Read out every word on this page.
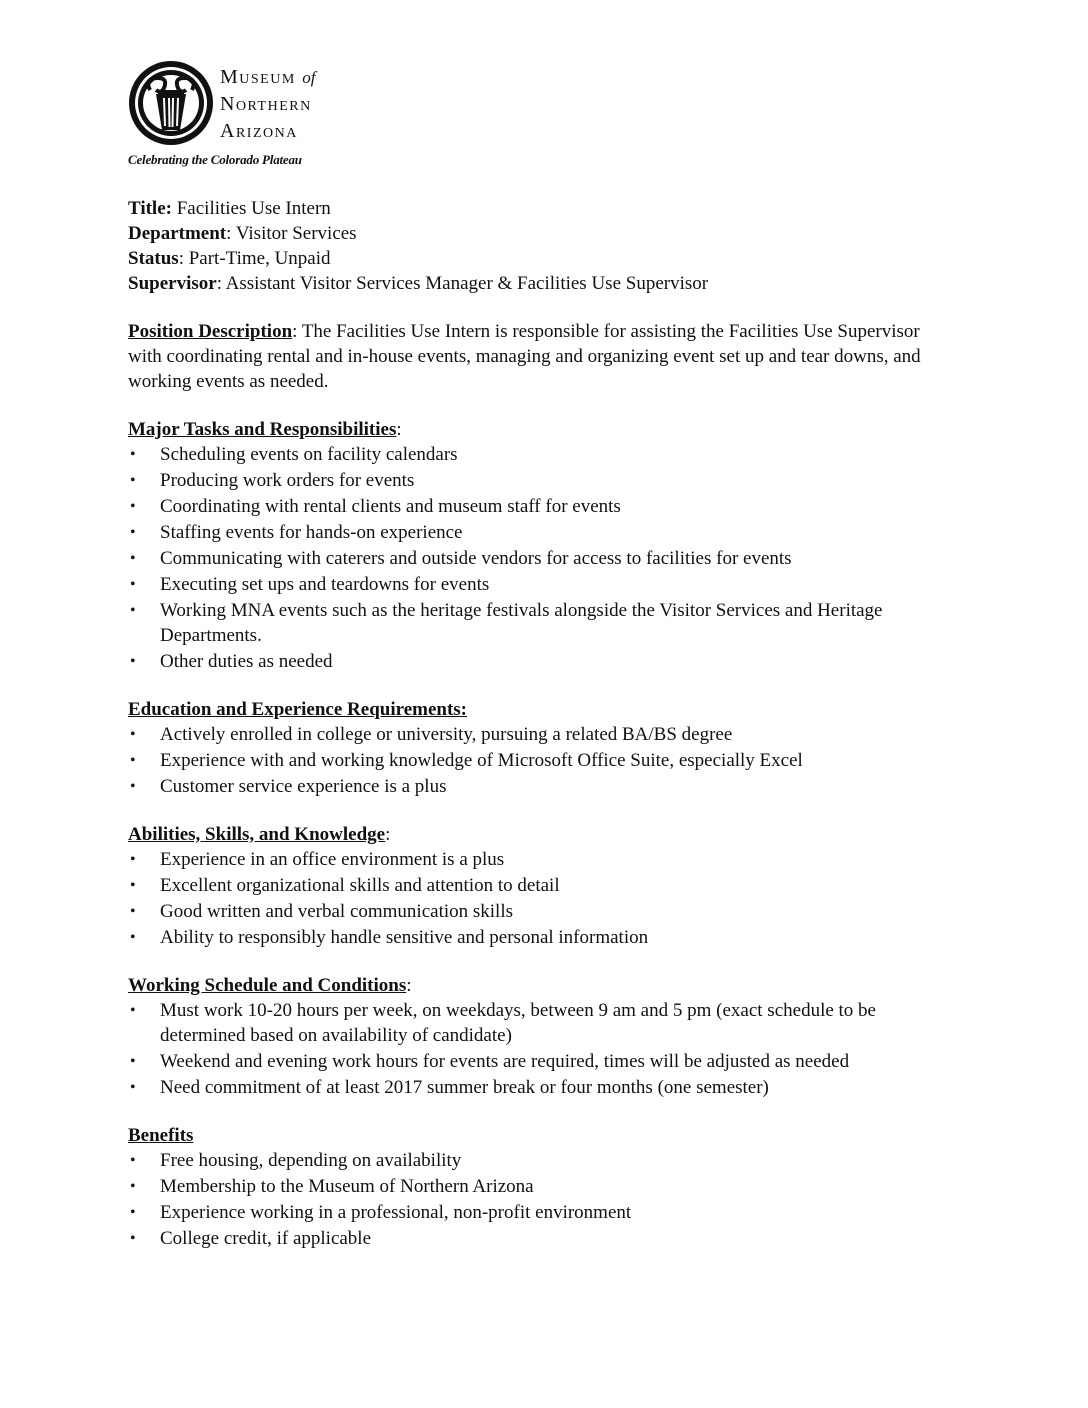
Museum of
Northern
Arizona
Celebrating the Colorado Plateau

Title: Facilities Use Intern

Department: Visitor Services

Status: Part-Time, Unpaid

Supervisor: Assistant Visitor Services Manager & Facilities Use Supervisor

Position Description: The Facilities Use Intern is responsible for assisting the Facilities Use Supervisor with coordinating rental and in-house events, managing and organizing event set up and tear downs, and working events as needed.

Major Tasks and Responsibilities:

• Scheduling events on facility calendars
• Producing work orders for events
• Coordinating with rental clients and museum staff for events
• Staffing events for hands-on experience
• Communicating with caterers and outside vendors for access to facilities for events
• Executing set ups and teardowns for events
• Working MNA events such as the heritage festivals alongside the Visitor Services and Heritage Departments.
• Other duties as needed

Education and Experience Requirements:

• Actively enrolled in college or university, pursuing a related BA/BS degree
• Experience with and working knowledge of Microsoft Office Suite, especially Excel
• Customer service experience is a plus

Abilities, Skills, and Knowledge:

• Experience in an office environment is a plus
• Excellent organizational skills and attention to detail
• Good written and verbal communication skills
• Ability to responsibly handle sensitive and personal information

Working Schedule and Conditions:

• Must work 10-20 hours per week, on weekdays, between 9 am and 5 pm (exact schedule to be determined based on availability of candidate)
• Weekend and evening work hours for events are required, times will be adjusted as needed
• Need commitment of at least 2017 summer break or four months (one semester)

Benefits

• Free housing, depending on availability
• Membership to the Museum of Northern Arizona
• Experience working in a professional, non-profit environment
• College credit, if applicable
